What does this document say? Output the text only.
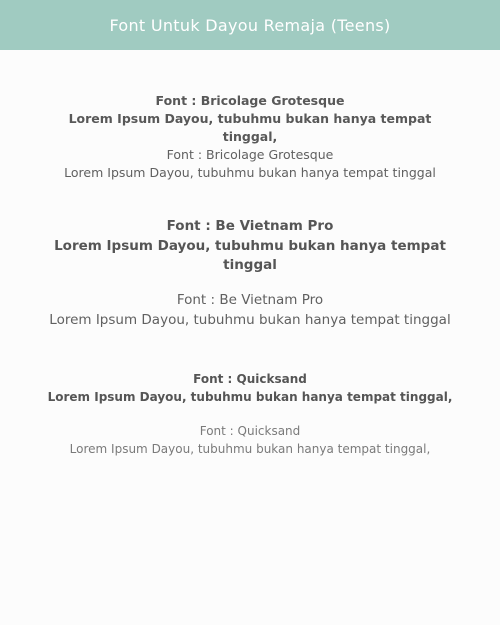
Font Untuk Dayou Remaja (Teens)

Font : Bricolage Grotesque

Lorem Ipsum Dayou, tubuhmu bukan hanya tempat tinggal,

Font : Bricolage Grotesque

Lorem Ipsum Dayou, tubuhmu bukan hanya tempat tinggal

Font : Be Vietnam Pro

Lorem Ipsum Dayou, tubuhmu bukan hanya tempat tinggal

Font : Be Vietnam Pro

Lorem Ipsum Dayou, tubuhmu bukan hanya tempat tinggal

Font : Quicksand

Lorem Ipsum Dayou, tubuhmu bukan hanya tempat tinggal,

Font : Quicksand

Lorem Ipsum Dayou, tubuhmu bukan hanya tempat tinggal,
